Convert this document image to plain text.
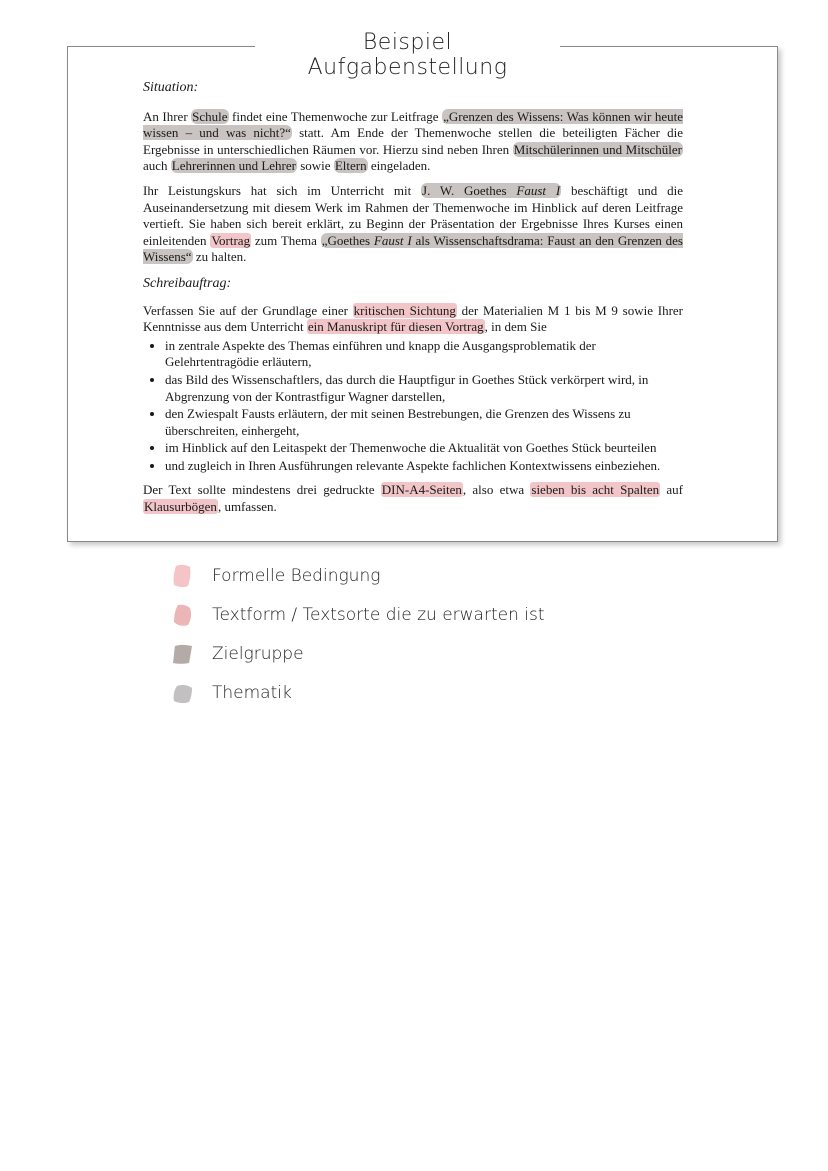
Beispiel Aufgabenstellung
Situation:

An Ihrer Schule findet eine Themenwoche zur Leitfrage „Grenzen des Wissens: Was können wir heute wissen – und was nicht?“ statt. Am Ende der Themenwoche stellen die beteiligten Fächer die Ergebnisse in unterschiedlichen Räumen vor. Hierzu sind neben Ihren Mitschülerinnen und Mitschüler auch Lehrerinnen und Lehrer sowie Eltern eingeladen.

Ihr Leistungskurs hat sich im Unterricht mit J. W. Goethes Faust I beschäftigt und die Auseinandersetzung mit diesem Werk im Rahmen der Themenwoche im Hinblick auf deren Leitfrage vertieft. Sie haben sich bereit erklärt, zu Beginn der Präsentation der Ergebnisse Ihres Kurses einen einleitenden Vortrag zum Thema „Goethes Faust I als Wissenschaftsdrama: Faust an den Grenzen des Wissens“ zu halten.

Schreibauftrag:

Verfassen Sie auf der Grundlage einer kritischen Sichtung der Materialien M 1 bis M 9 sowie Ihrer Kenntnisse aus dem Unterricht ein Manuskript für diesen Vortrag, in dem Sie

• in zentrale Aspekte des Themas einführen und knapp die Ausgangsproblematik der Gelehrtentragödie erläutern,
• das Bild des Wissenschaftlers, das durch die Hauptfigur in Goethes Stück verkörpert wird, in Abgrenzung von der Kontrastfigur Wagner darstellen,
• den Zwiespalt Fausts erläutern, der mit seinen Bestrebungen, die Grenzen des Wissens zu überschreiten, einhergeht,
• im Hinblick auf den Leitaspekt der Themenwoche die Aktualität von Goethes Stück beurteilen
• und zugleich in Ihren Ausführungen relevante Aspekte fachlichen Kontextwissens einbeziehen.

Der Text sollte mindestens drei gedruckte DIN-A4-Seiten, also etwa sieben bis acht Spalten auf Klausurbögen, umfassen.

Formelle Bedingung
Textform / Textsorte die zu erwarten ist
Zielgruppe
Thematik
